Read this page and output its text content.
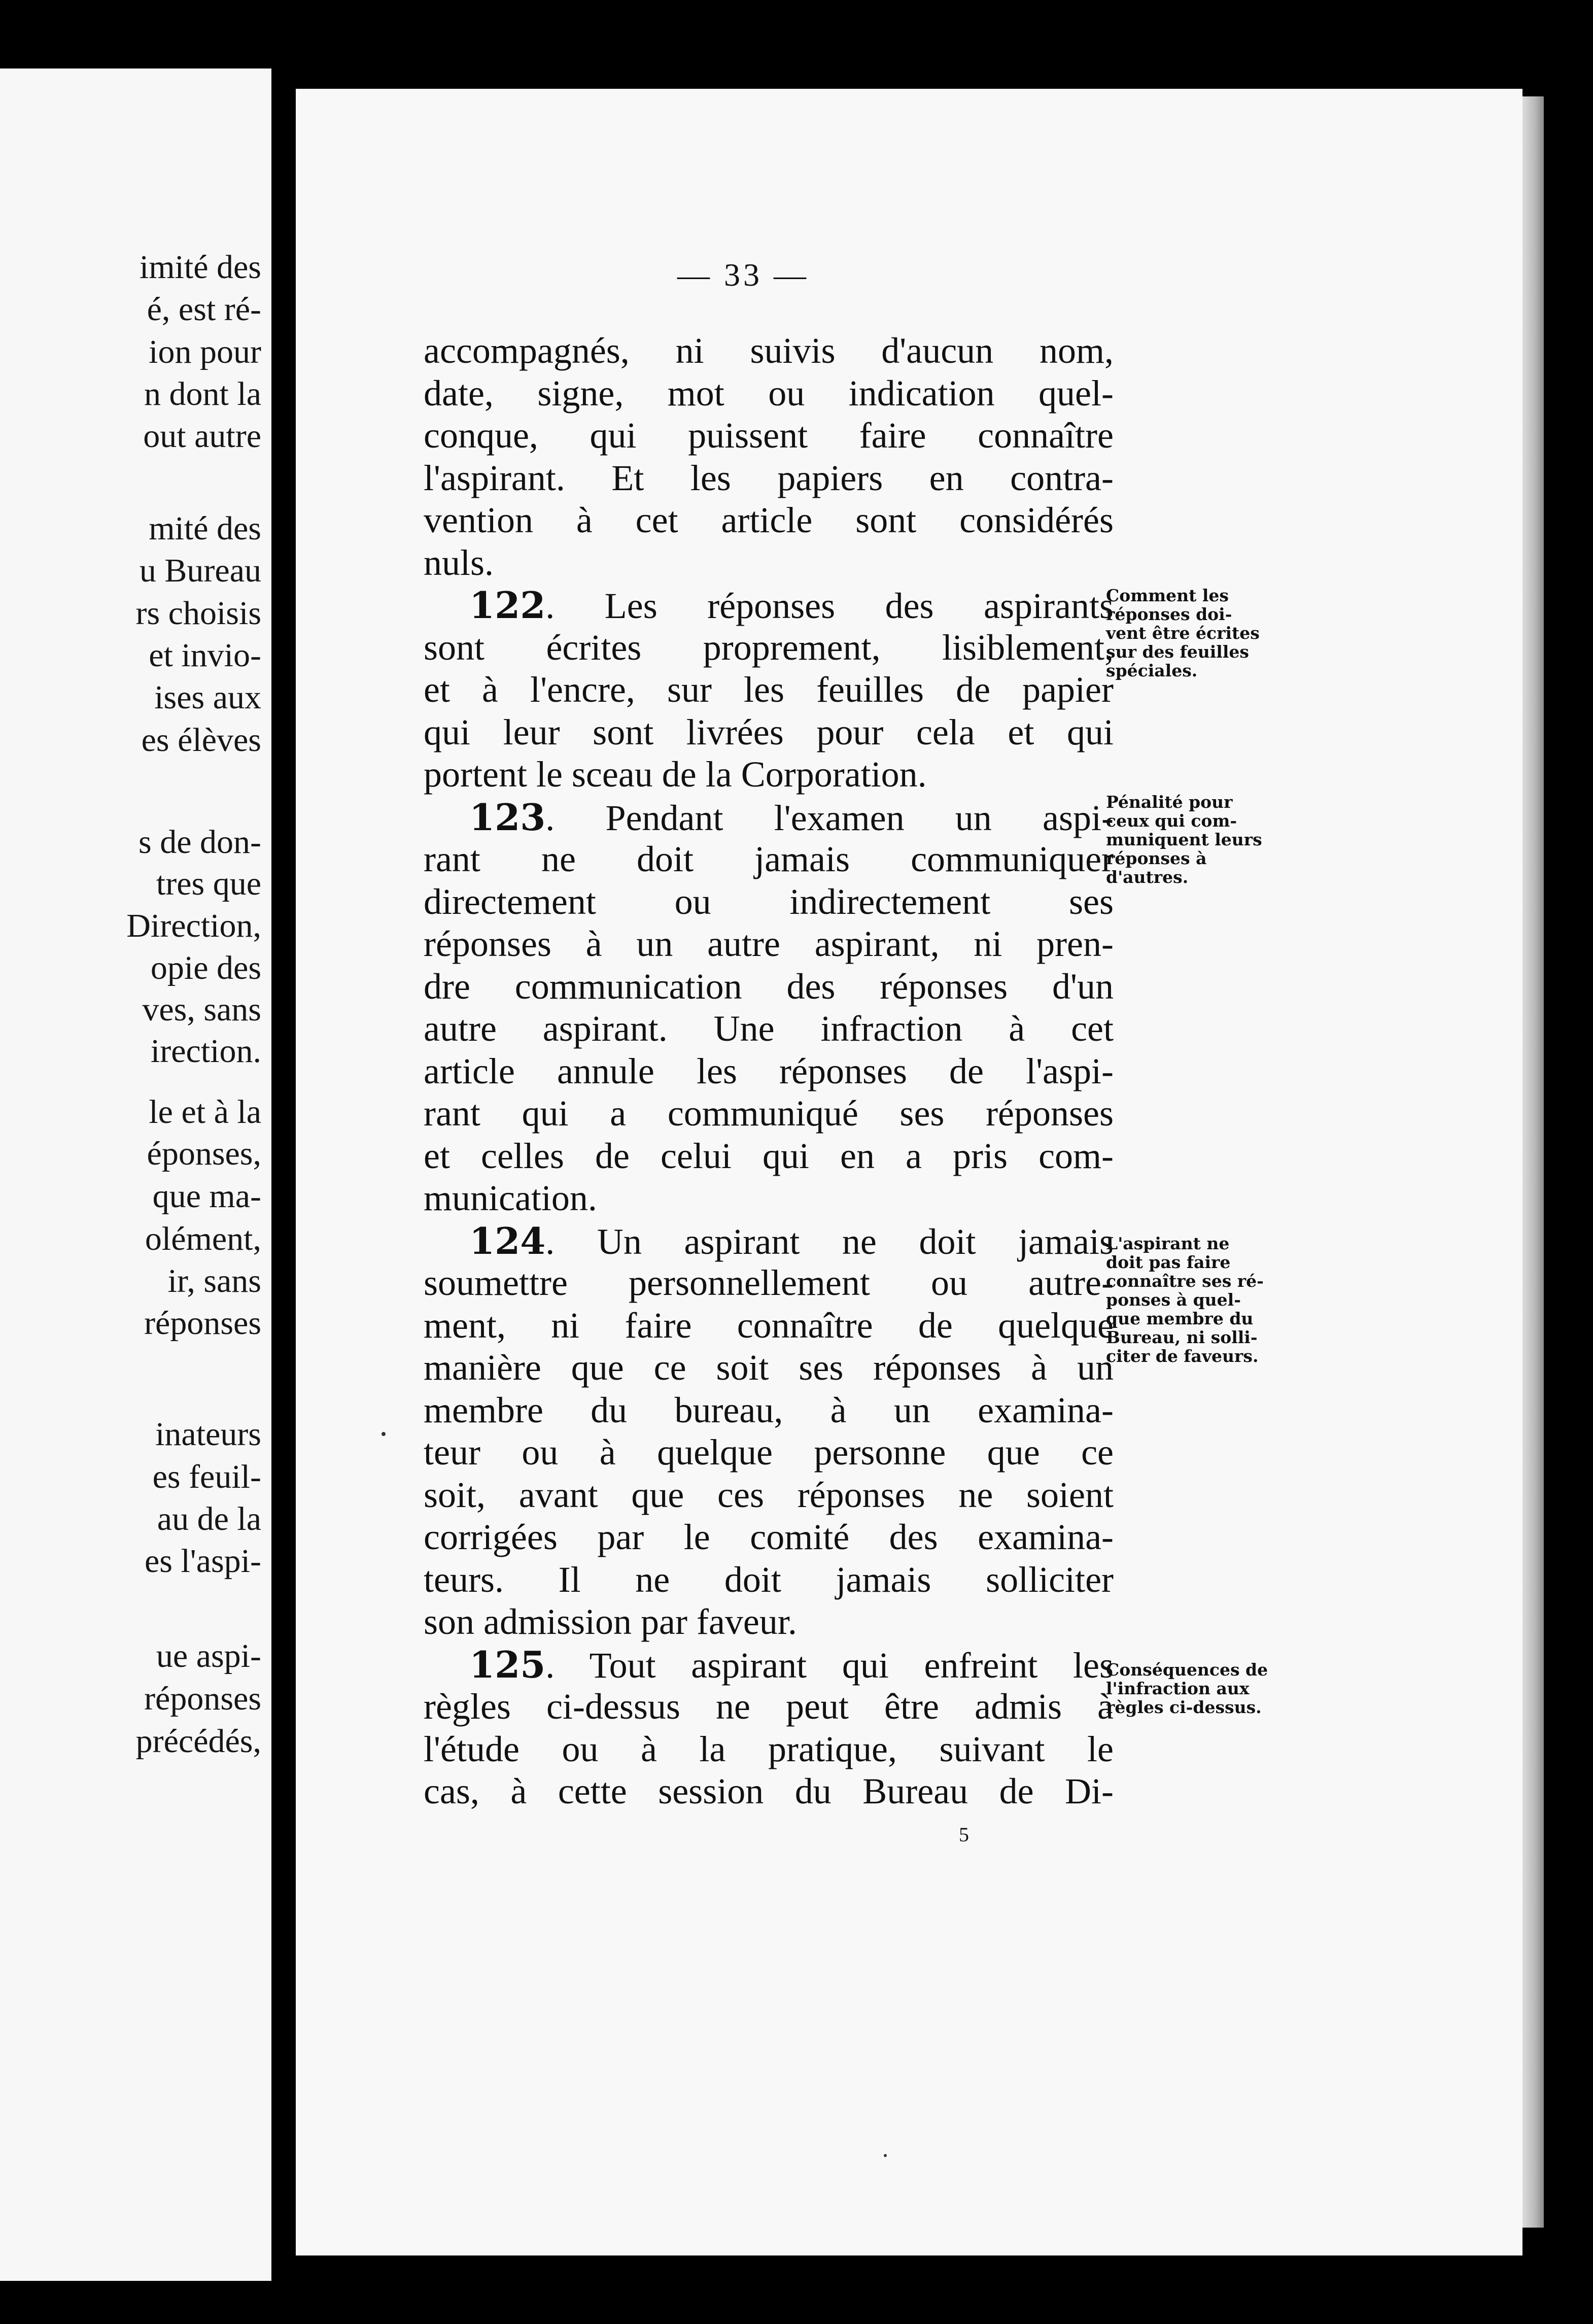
imité des
é, est ré-
ion pour
n dont la
out autre
mité des
u Bureau
rs choisis
et invio-
ises aux
es élèves
s de don-
tres que
Direction,
opie des
ves, sans
irection.
le et à la
éponses,
que ma-
olément,
ir, sans
réponses
inateurs
es feuil-
au de la
es l'aspi-
ue aspi-
réponses
précédés,
— 33 —
accompagnés, ni suivis d'aucun nom,
date, signe, mot ou indication quel-
conque, qui puissent faire connaître
l'aspirant. Et les papiers en contra-
vention à cet article sont considérés
nuls.
122. Les réponses des aspirants
sont écrites proprement, lisiblement,
et à l'encre, sur les feuilles de papier
qui leur sont livrées pour cela et qui
portent le sceau de la Corporation.
123. Pendant l'examen un aspi-
rant ne doit jamais communiquer
directement ou indirectement ses
réponses à un autre aspirant, ni pren-
dre communication des réponses d'un
autre aspirant. Une infraction à cet
article annule les réponses de l'aspi-
rant qui a communiqué ses réponses
et celles de celui qui en a pris com-
munication.
124. Un aspirant ne doit jamais
soumettre personnellement ou autre-
ment, ni faire connaître de quelque
manière que ce soit ses réponses à un
membre du bureau, à un examina-
teur ou à quelque personne que ce
soit, avant que ces réponses ne soient
corrigées par le comité des examina-
teurs. Il ne doit jamais solliciter
son admission par faveur.
125. Tout aspirant qui enfreint les
règles ci-dessus ne peut être admis à
l'étude ou à la pratique, suivant le
cas, à cette session du Bureau de Di-
Comment les
réponses doi-
vent être écrites
sur des feuilles
spéciales.
Pénalité pour
ceux qui com-
muniquent leurs
réponses à
d'autres.
L'aspirant ne
doit pas faire
connaître ses ré-
ponses à quel-
que membre du
Bureau, ni solli-
citer de faveurs.
Conséquences de
l'infraction aux
règles ci-dessus.
5
